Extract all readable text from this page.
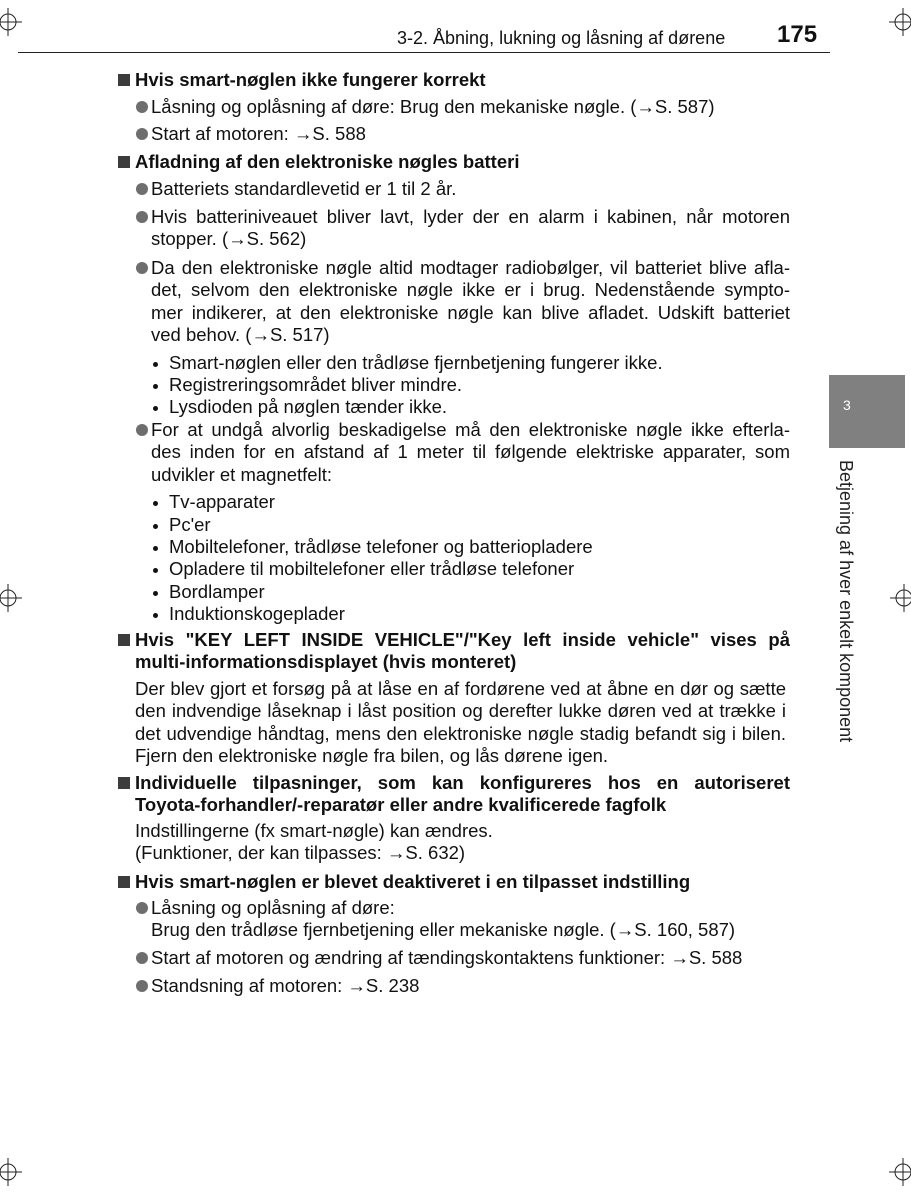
3-2. Åbning, lukning og låsning af dørene 175
3
Betjening af hver enkelt komponent
Hvis smart-nøglen ikke fungerer korrekt
Låsning og oplåsning af døre: Brug den mekaniske nøgle. (→S. 587)
Start af motoren: →S. 588
Afladning af den elektroniske nøgles batteri
Batteriets standardlevetid er 1 til 2 år.
Hvis batteriniveauet bliver lavt, lyder der en alarm i kabinen, når motoren
stopper. (→S. 562)
Da den elektroniske nøgle altid modtager radiobølger, vil batteriet blive afla-
det, selvom den elektroniske nøgle ikke er i brug. Nedenstående sympto-
mer indikerer, at den elektroniske nøgle kan blive afladet. Udskift batteriet
ved behov. (→S. 517)
Smart-nøglen eller den trådløse fjernbetjening fungerer ikke.
Registreringsområdet bliver mindre.
Lysdioden på nøglen tænder ikke.
For at undgå alvorlig beskadigelse må den elektroniske nøgle ikke efterla-
des inden for en afstand af 1 meter til følgende elektriske apparater, som
udvikler et magnetfelt:
Tv-apparater
Pc'er
Mobiltelefoner, trådløse telefoner og batteriopladere
Opladere til mobiltelefoner eller trådløse telefoner
Bordlamper
Induktionskogeplader
Hvis "KEY LEFT INSIDE VEHICLE"/"Key left inside vehicle" vises på
multi-informationsdisplayet (hvis monteret)
Der blev gjort et forsøg på at låse en af fordørene ved at åbne en dør og sætte
den indvendige låseknap i låst position og derefter lukke døren ved at trække i
det udvendige håndtag, mens den elektroniske nøgle stadig befandt sig i bilen.
Fjern den elektroniske nøgle fra bilen, og lås dørene igen.
Individuelle tilpasninger, som kan konfigureres hos en autoriseret
Toyota-forhandler/-reparatør eller andre kvalificerede fagfolk
Indstillingerne (fx smart-nøgle) kan ændres.
(Funktioner, der kan tilpasses: →S. 632)
Hvis smart-nøglen er blevet deaktiveret i en tilpasset indstilling
Låsning og oplåsning af døre:
Brug den trådløse fjernbetjening eller mekaniske nøgle. (→S. 160, 587)
Start af motoren og ændring af tændingskontaktens funktioner: →S. 588
Standsning af motoren: →S. 238
